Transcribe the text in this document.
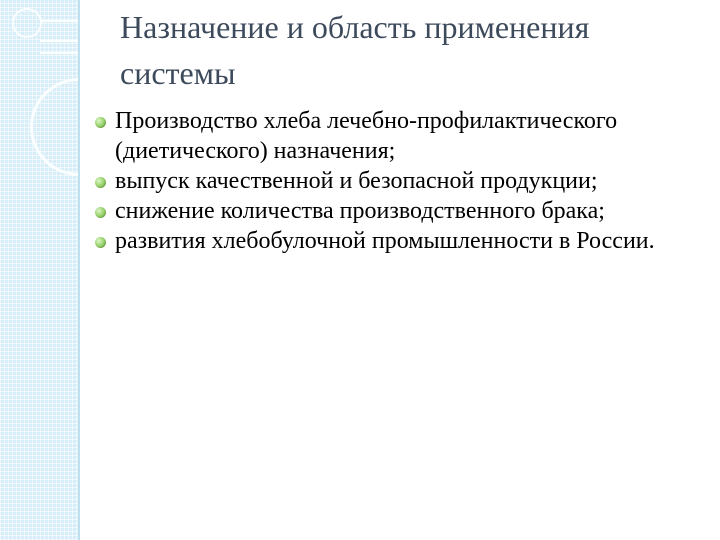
Назначение и область применения системы
Производство хлеба лечебно-профилактического (диетического) назначения;
выпуск качественной и безопасной продукции;
снижение количества производственного брака;
развития хлебобулочной промышленности в России.
